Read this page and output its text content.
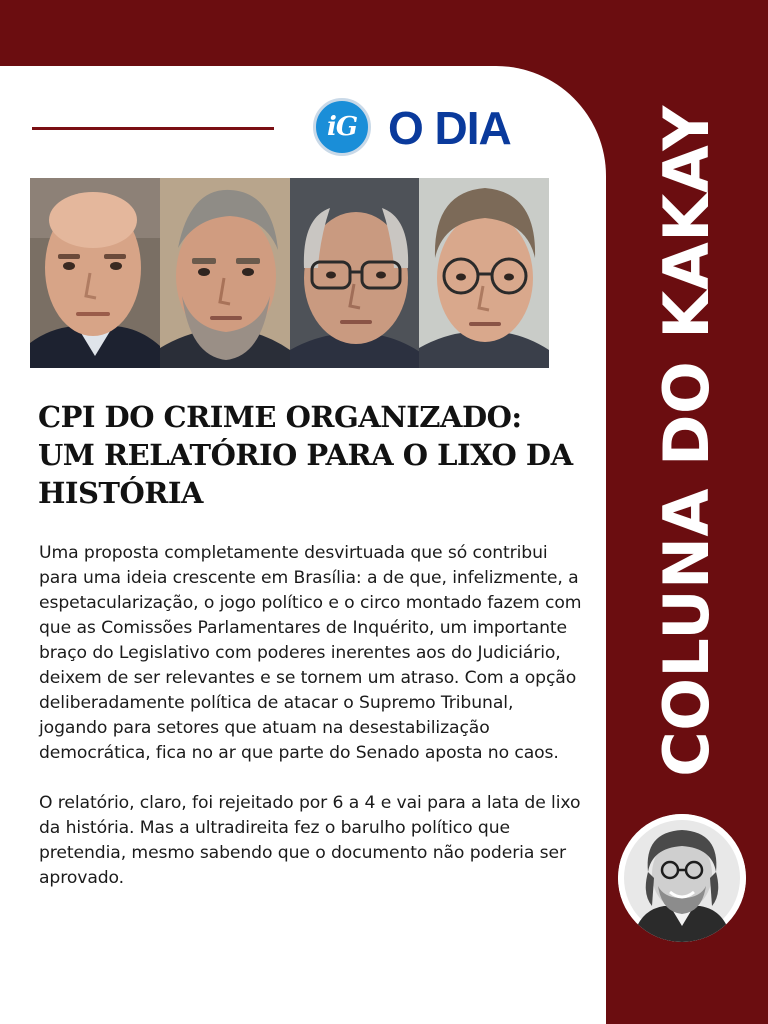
iG O DIA
CPI DO CRIME ORGANIZADO: UM RELATÓRIO PARA O LIXO DA HISTÓRIA

Uma proposta completamente desvirtuada que só contribui para uma ideia crescente em Brasília: a de que, infelizmente, a espetacularização, o jogo político e o circo montado fazem com que as Comissões Parlamentares de Inquérito, um importante braço do Legislativo com poderes inerentes aos do Judiciário, deixem de ser relevantes e se tornem um atraso. Com a opção deliberadamente política de atacar o Supremo Tribunal, jogando para setores que atuam na desestabilização democrática, fica no ar que parte do Senado aposta no caos.

O relatório, claro, foi rejeitado por 6 a 4 e vai para a lata de lixo da história. Mas a ultradireita fez o barulho político que pretendia, mesmo sabendo que o documento não poderia ser aprovado.

COLUNA DO KAKAY
